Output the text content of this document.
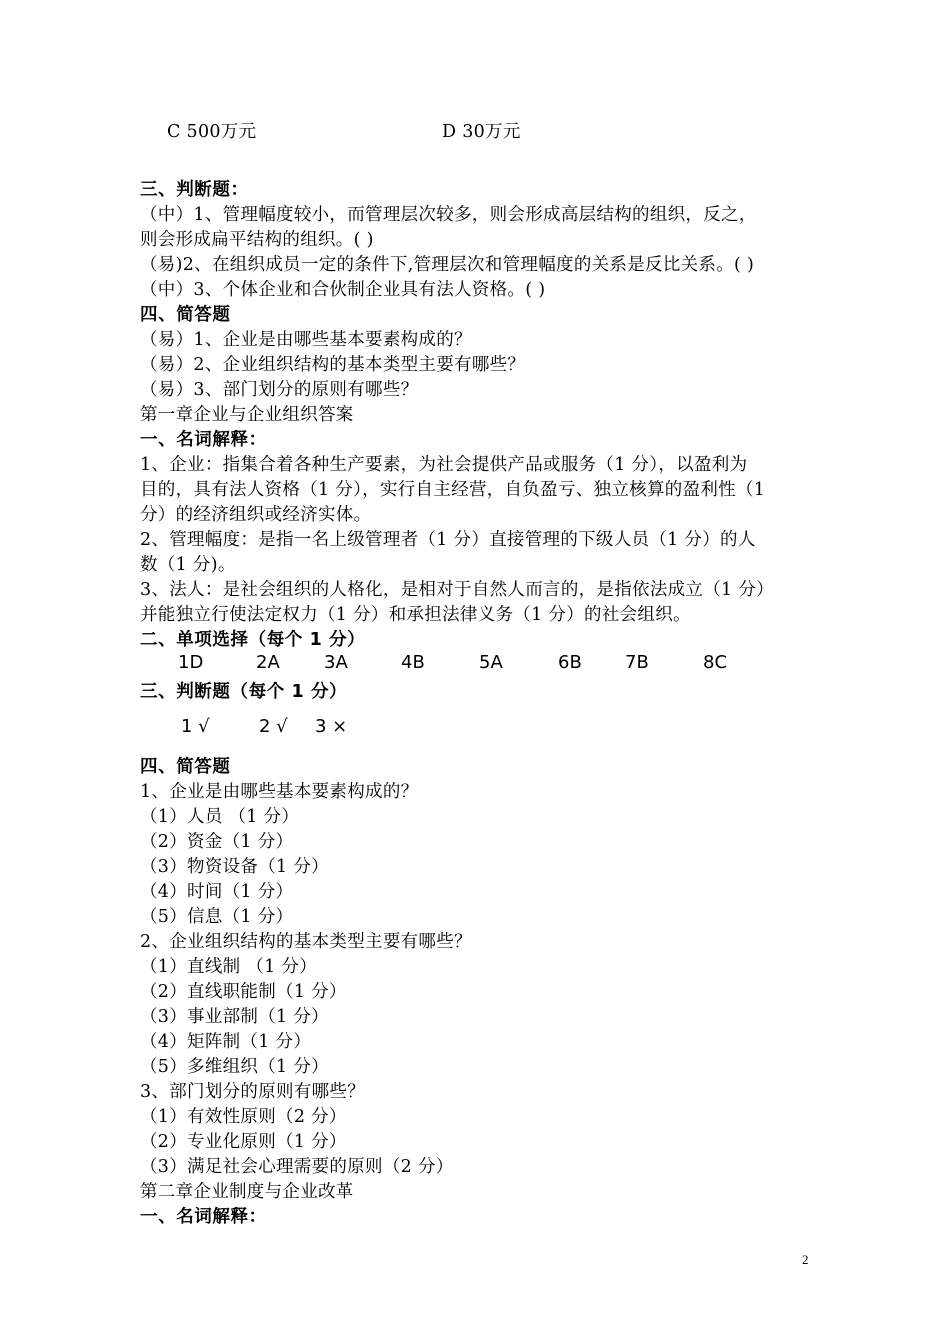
C 500万元	D 30万元
三、判断题：
（中）1、管理幅度较小，而管理层次较多，则会形成高层结构的组织，反之，
则会形成扁平结构的组织。( )
（易)2、在组织成员一定的条件下,管理层次和管理幅度的关系是反比关系。( )
（中）3、个体企业和合伙制企业具有法人资格。( )
四、简答题
（易）1、企业是由哪些基本要素构成的？
（易）2、企业组织结构的基本类型主要有哪些？
（易）3、部门划分的原则有哪些？
第一章企业与企业组织答案
一、名词解释：
1、企业：指集合着各种生产要素，为社会提供产品或服务（1 分），以盈利为
目的，具有法人资格（1 分），实行自主经营，自负盈亏、独立核算的盈利性（1
分）的经济组织或经济实体。
2、管理幅度：是指一名上级管理者（1 分）直接管理的下级人员（1 分）的人
数（1 分)。
3、法人：是社会组织的人格化，是相对于自然人而言的，是指依法成立（1 分）
并能独立行使法定权力（1 分）和承担法律义务（1 分）的社会组织。
二、单项选择（每个 1 分）
1D	2A 3A	4B	5A	6B 7B	8C
三、判断题（每个 1 分）
1 √	2 √ 3 ×
四、简答题
1、企业是由哪些基本要素构成的？
（1）人员 （1 分）
（2）资金（1 分）
（3）物资设备（1 分）
（4）时间（1 分）
（5）信息（1 分）
2、企业组织结构的基本类型主要有哪些？
（1）直线制 （1 分）
（2）直线职能制（1 分）
（3）事业部制（1 分）
（4）矩阵制（1 分）
（5）多维组织（1 分）
3、部门划分的原则有哪些？
（1）有效性原则（2 分）
（2）专业化原则（1 分）
（3）满足社会心理需要的原则（2 分）
第二章企业制度与企业改革
一、名词解释：
2
